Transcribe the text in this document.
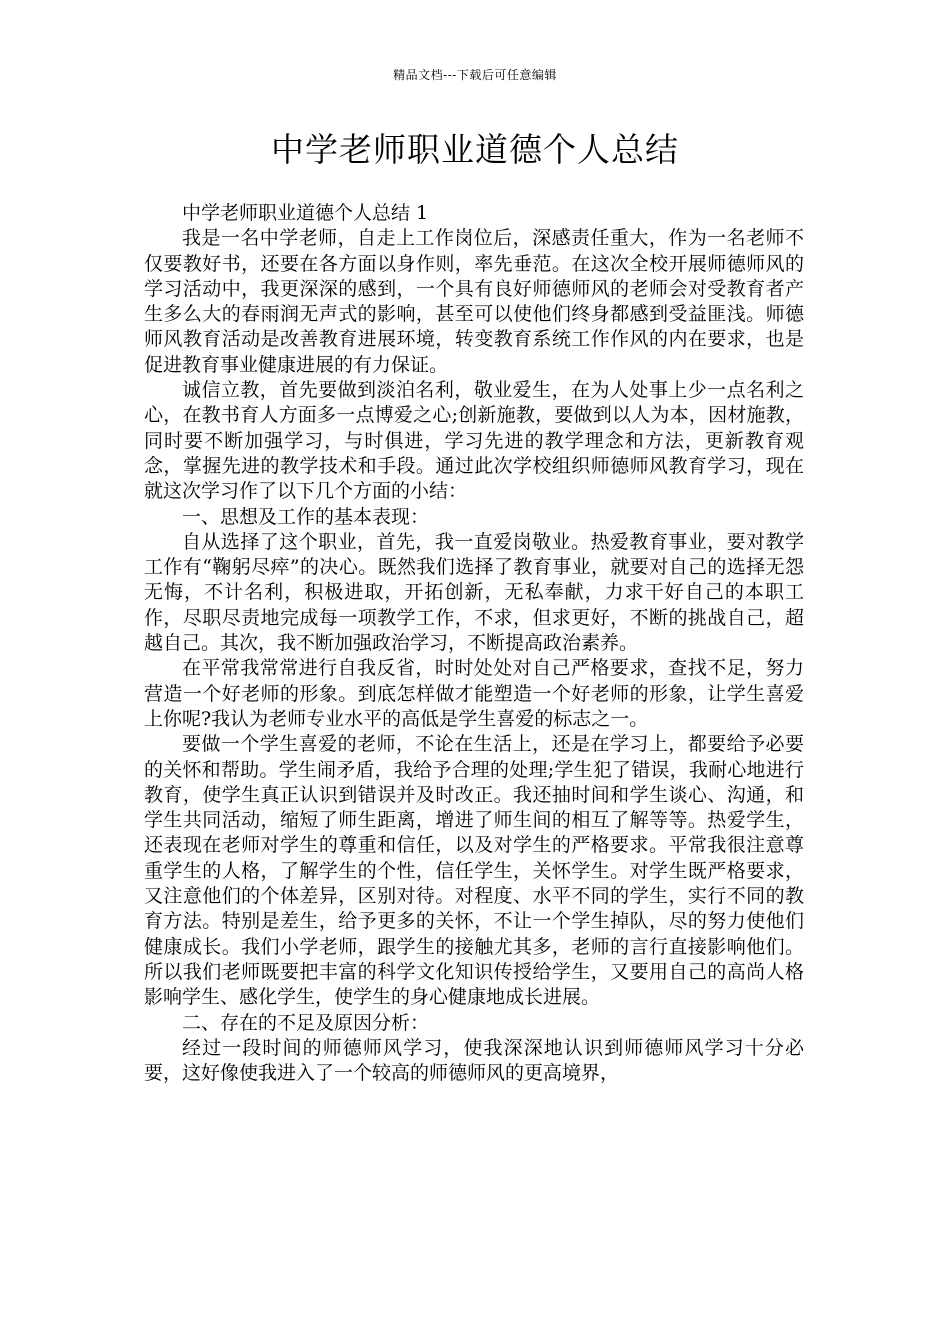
精品文档---下载后可任意编辑
中学老师职业道德个人总结

中学老师职业道德个人总结 1

我是一名中学老师，自走上工作岗位后，深感责任重大，作为一名老师不仅要教好书，还要在各方面以身作则，率先垂范。在这次全校开展师德师风的学习活动中，我更深深的感到，一个具有良好师德师风的老师会对受教育者产生多么大的春雨润无声式的影响，甚至可以使他们终身都感到受益匪浅。师德师风教育活动是改善教育进展环境，转变教育系统工作作风的内在要求，也是促进教育事业健康进展的有力保证。

诚信立教，首先要做到淡泊名利，敬业爱生，在为人处事上少一点名利之心，在教书育人方面多一点博爱之心;创新施教，要做到以人为本，因材施教，同时要不断加强学习，与时俱进，学习先进的教学理念和方法，更新教育观念，掌握先进的教学技术和手段。通过此次学校组织师德师风教育学习，现在就这次学习作了以下几个方面的小结：

一、思想及工作的基本表现：

自从选择了这个职业，首先，我一直爱岗敬业。热爱教育事业，要对教学工作有“鞠躬尽瘁”的决心。既然我们选择了教育事业，就要对自己的选择无怨无悔，不计名利，积极进取，开拓创新，无私奉献，力求干好自己的本职工作，尽职尽责地完成每一项教学工作，不求，但求更好，不断的挑战自己，超越自己。其次，我不断加强政治学习，不断提高政治素养。

在平常我常常进行自我反省，时时处处对自己严格要求，查找不足，努力营造一个好老师的形象。到底怎样做才能塑造一个好老师的形象，让学生喜爱上你呢?我认为老师专业水平的高低是学生喜爱的标志之一。

要做一个学生喜爱的老师，不论在生活上，还是在学习上，都要给予必要的关怀和帮助。学生闹矛盾，我给予合理的处理;学生犯了错误，我耐心地进行教育，使学生真正认识到错误并及时改正。我还抽时间和学生谈心、沟通，和学生共同活动，缩短了师生距离，增进了师生间的相互了解等等。热爱学生，还表现在老师对学生的尊重和信任，以及对学生的严格要求。平常我很注意尊重学生的人格，了解学生的个性，信任学生，关怀学生。对学生既严格要求，又注意他们的个体差异，区别对待。对程度、水平不同的学生，实行不同的教育方法。特别是差生，给予更多的关怀，不让一个学生掉队，尽的努力使他们健康成长。我们小学老师，跟学生的接触尤其多，老师的言行直接影响他们。所以我们老师既要把丰富的科学文化知识传授给学生，又要用自己的高尚人格影响学生、感化学生，使学生的身心健康地成长进展。

二、存在的不足及原因分析：

经过一段时间的师德师风学习，使我深深地认识到师德师风学习十分必要，这好像使我进入了一个较高的师德师风的更高境界，
